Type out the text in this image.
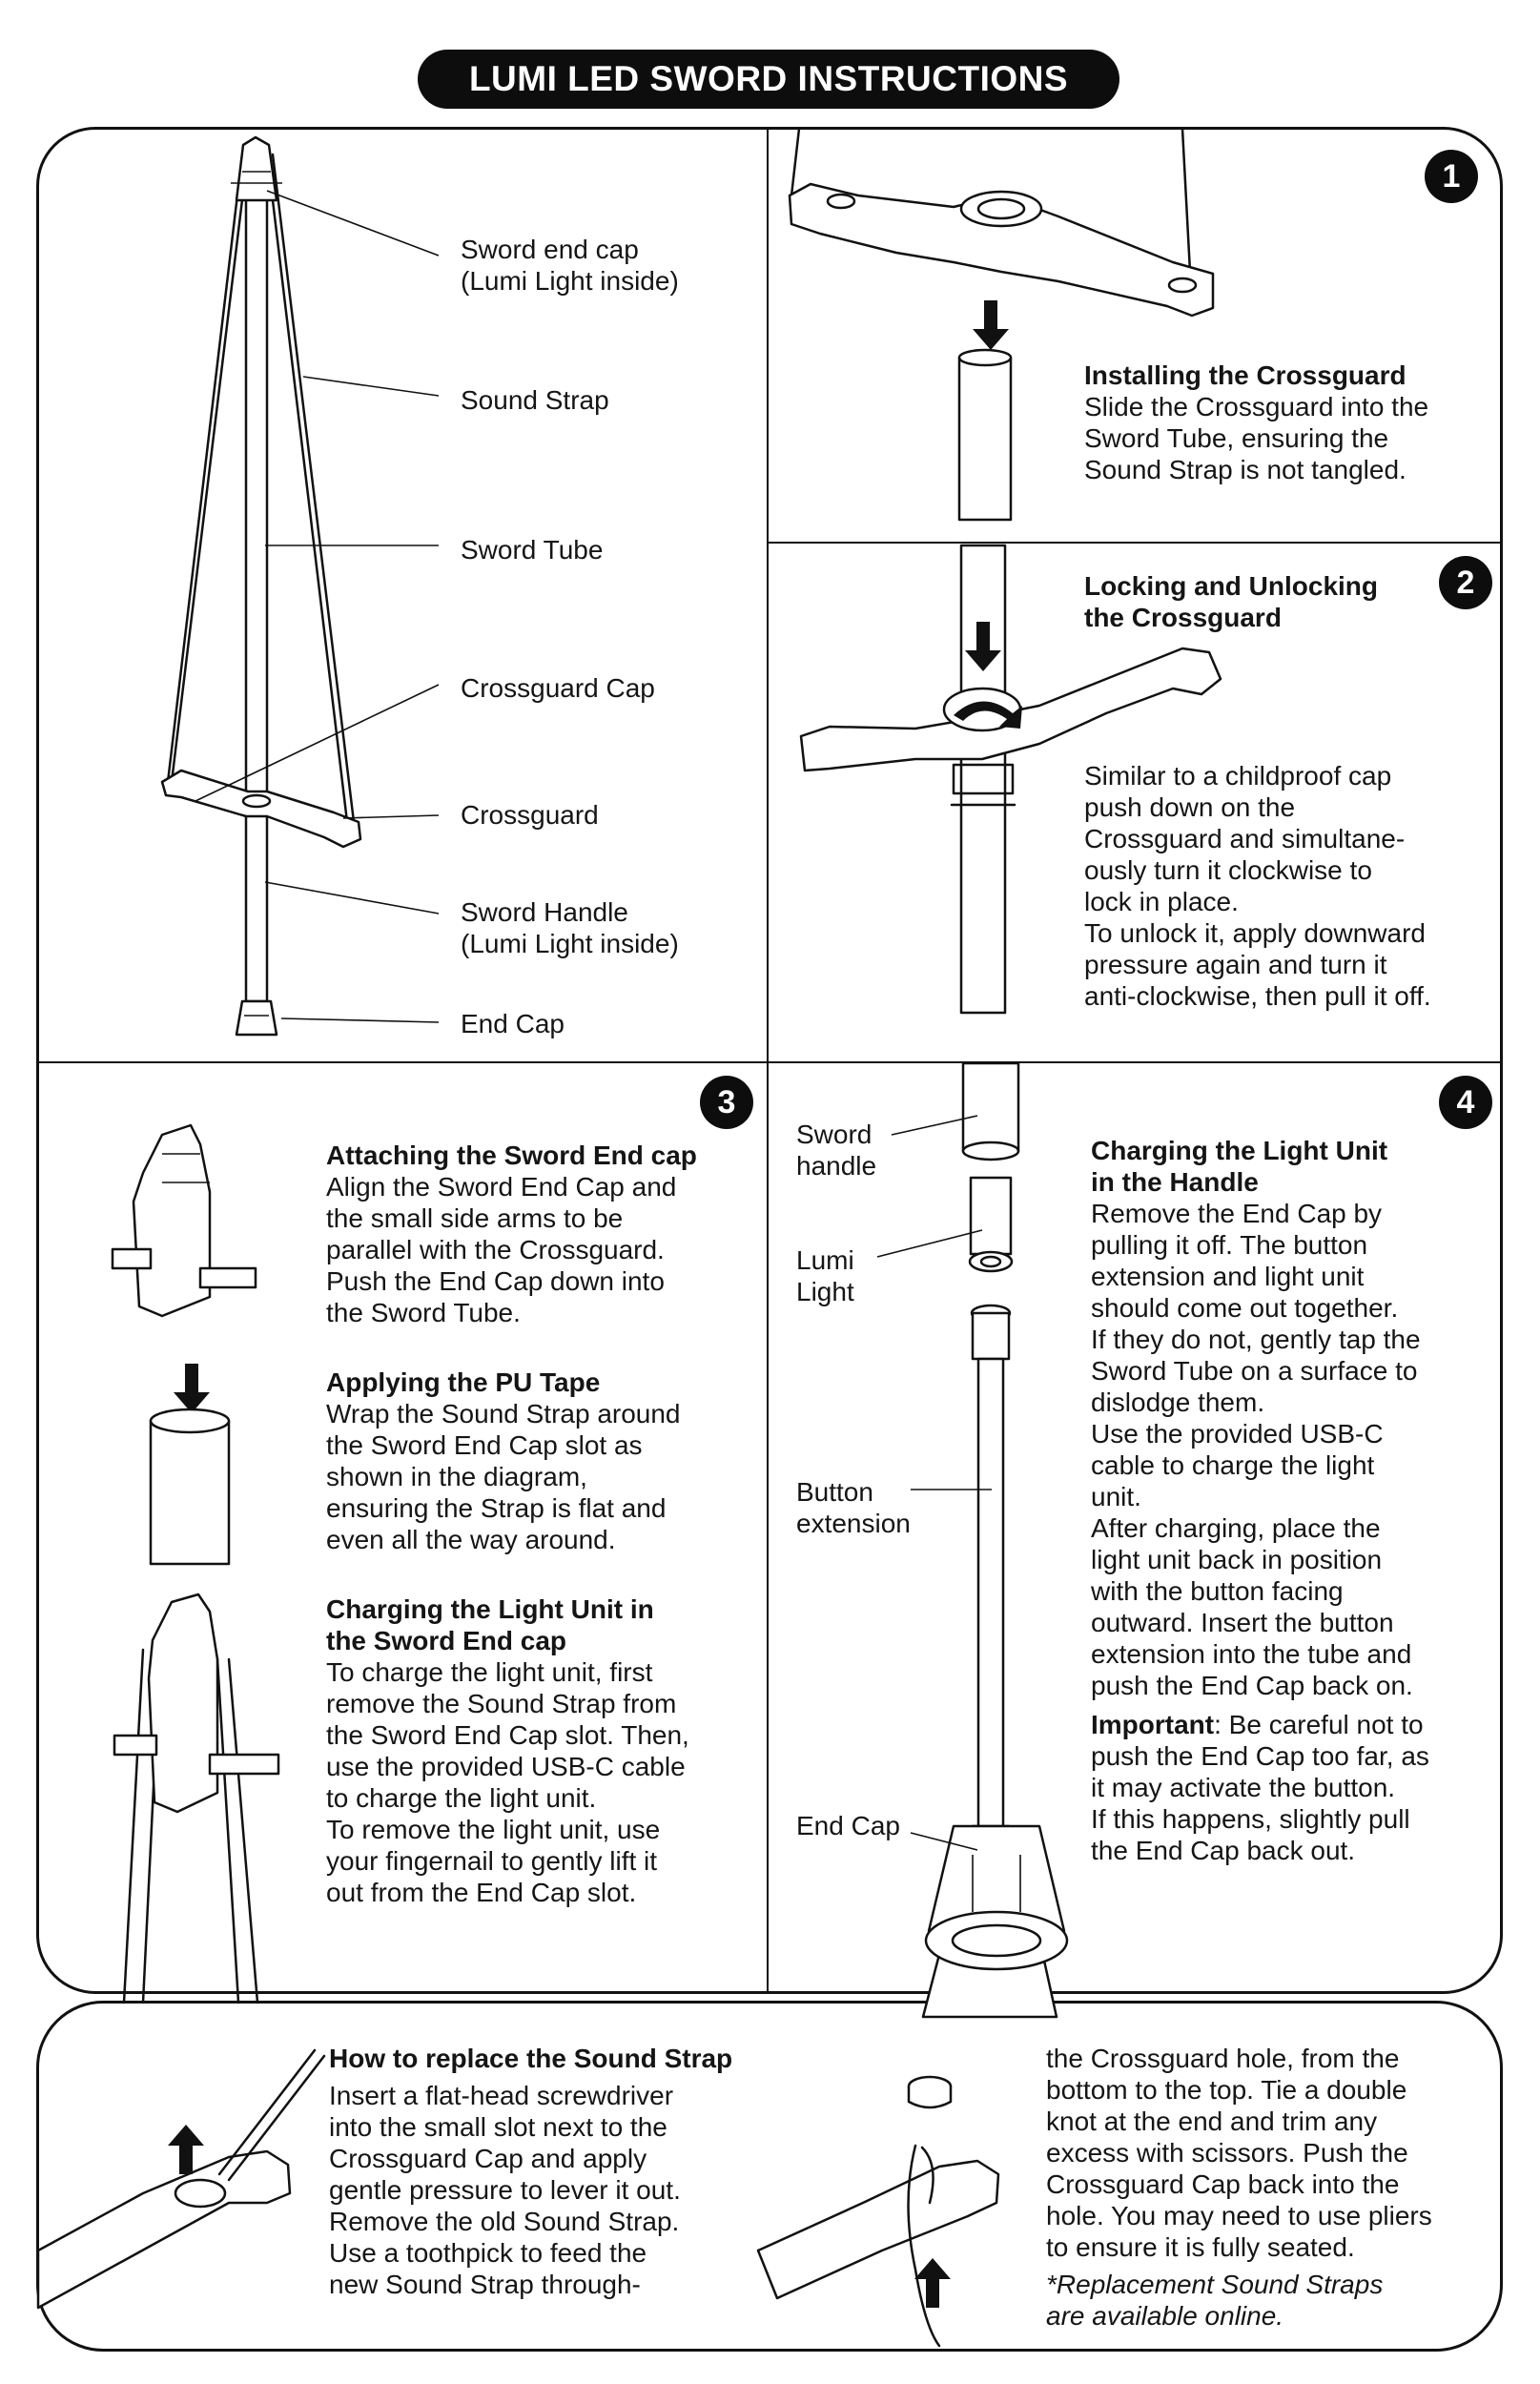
LUMI LED SWORD INSTRUCTIONS
Sword end cap
(Lumi Light inside)
Sound Strap
Sword Tube
Crossguard Cap
Crossguard
Sword Handle
(Lumi Light inside)
End Cap
1
Installing the Crossguard
Slide the Crossguard into the
Sword Tube, ensuring the
Sound Strap is not tangled.
2
Locking and Unlocking
the Crossguard
Similar to a childproof cap
push down on the
Crossguard and simultane-
ously turn it clockwise to
lock in place.
To unlock it, apply downward
pressure again and turn it
anti-clockwise, then pull it off.
3
Attaching the Sword End cap
Align the Sword End Cap and
the small side arms to be
parallel with the Crossguard.
Push the End Cap down into
the Sword Tube.
Applying the PU Tape
Wrap the Sound Strap around
the Sword End Cap slot as
shown in the diagram,
ensuring the Strap is flat and
even all the way around.
Charging the Light Unit in
the Sword End cap
To charge the light unit, first
remove the Sound Strap from
the Sword End Cap slot. Then,
use the provided USB-C cable
to charge the light unit.
To remove the light unit, use
your fingernail to gently lift it
out from the End Cap slot.
4
Sword
handle
Lumi
Light
Button
extension
End Cap
Charging the Light Unit
in the Handle
Remove the End Cap by
pulling it off. The button
extension and light unit
should come out together.
If they do not, gently tap the
Sword Tube on a surface to
dislodge them.
Use the provided USB-C
cable to charge the light
unit.
After charging, place the
light unit back in position
with the button facing
outward. Insert the button
extension into the tube and
push the End Cap back on.
Important: Be careful not to
push the End Cap too far, as
it may activate the button.
If this happens, slightly pull
the End Cap back out.
How to replace the Sound Strap
Insert a flat-head screwdriver
into the small slot next to the
Crossguard Cap and apply
gentle pressure to lever it out.
Remove the old Sound Strap.
Use a toothpick to feed the
new Sound Strap through-
the Crossguard hole, from the
bottom to the top. Tie a double
knot at the end and trim any
excess with scissors. Push the
Crossguard Cap back into the
hole. You may need to use pliers
to ensure it is fully seated.
*Replacement Sound Straps
are available online.
